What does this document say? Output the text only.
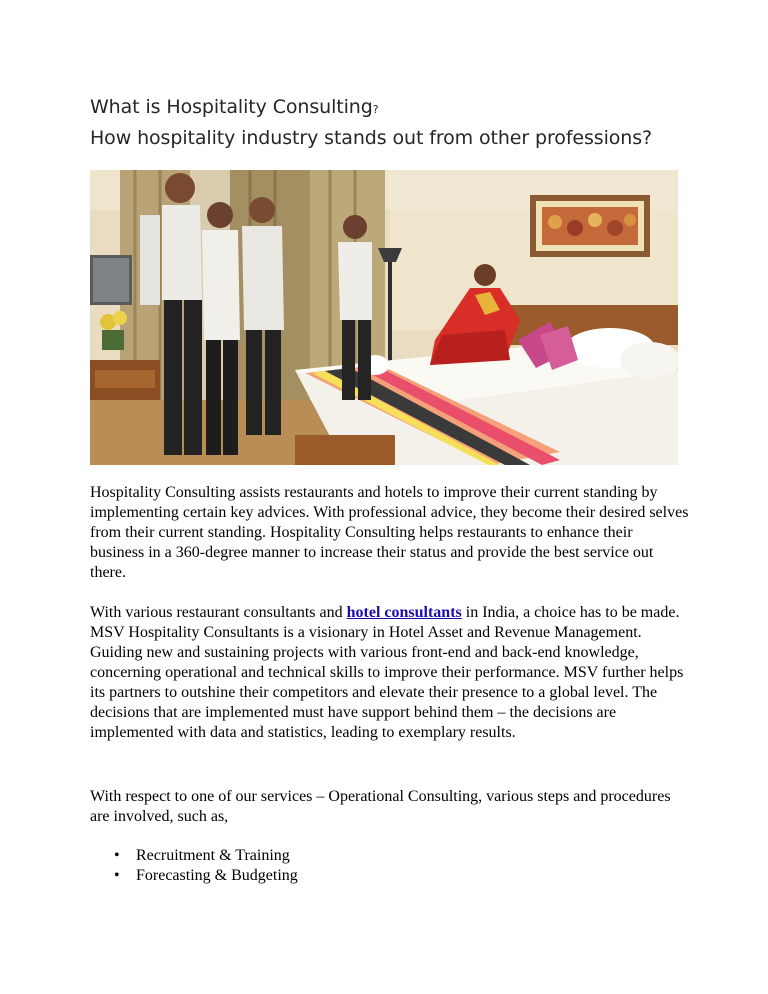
What is Hospitality Consulting?
How hospitality industry stands out from other professions?

Hospitality Consulting assists restaurants and hotels to improve their current standing by implementing certain key advices. With professional advice, they become their desired selves from their current standing. Hospitality Consulting helps restaurants to enhance their business in a 360-degree manner to increase their status and provide the best service out there.

With various restaurant consultants and hotel consultants in India, a choice has to be made. MSV Hospitality Consultants is a visionary in Hotel Asset and Revenue Management. Guiding new and sustaining projects with various front-end and back-end knowledge, concerning operational and technical skills to improve their performance. MSV further helps its partners to outshine their competitors and elevate their presence to a global level. The decisions that are implemented must have support behind them – the decisions are implemented with data and statistics, leading to exemplary results.

With respect to one of our services – Operational Consulting, various steps and procedures are involved, such as,

• Recruitment & Training
• Forecasting & Budgeting
